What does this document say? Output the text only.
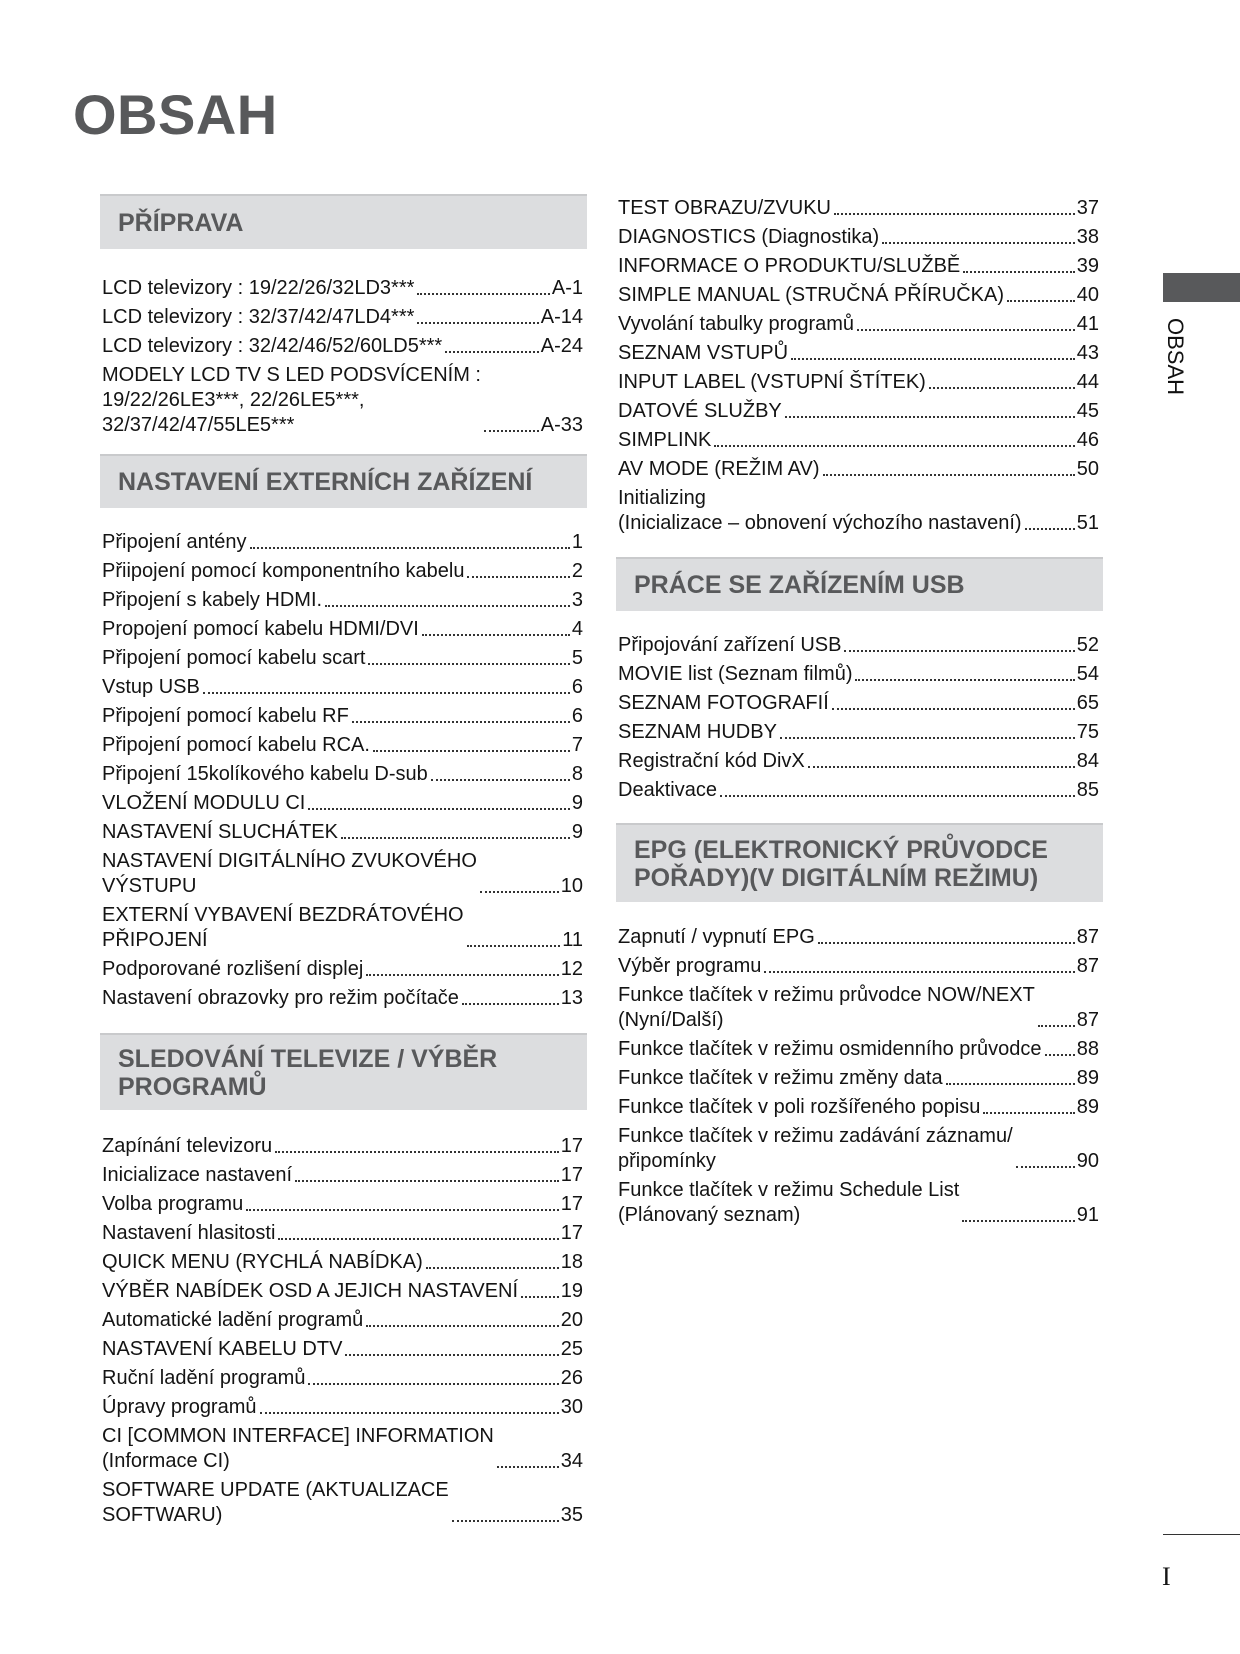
OBSAH
OBSAH
I
PŘÍPRAVA
LCD televizory : 19/22/26/32LD3***	A-1
LCD televizory : 32/37/42/47LD4***	A-14
LCD televizory : 32/42/46/52/60LD5***	A-24
MODELY LCD TV S LED PODSVÍCENÍM :
19/22/26LE3***, 22/26LE5***,
32/37/42/47/55LE5***	A-33
NASTAVENÍ EXTERNÍCH ZAŘÍZENÍ
Připojení antény	1
Přiipojení pomocí komponentního kabelu	2
Připojení s kabely HDMI.	3
Propojení pomocí kabelu HDMI/DVI	4
Připojení pomocí kabelu scart	5
Vstup USB	6
Připojení pomocí kabelu RF	6
Připojení pomocí kabelu RCA.	7
Připojení 15kolíkového kabelu D-sub	8
VLOŽENÍ MODULU CI	9
NASTAVENÍ SLUCHÁTEK	9
NASTAVENÍ DIGITÁLNÍHO ZVUKOVÉHO
VÝSTUPU	10
EXTERNÍ VYBAVENÍ BEZDRÁTOVÉHO
PŘIPOJENÍ	11
Podporované rozlišení displej	12
Nastavení obrazovky pro režim počítače	13
SLEDOVÁNÍ TELEVIZE / VÝBĚR
PROGRAMŮ
Zapínání televizoru	17
Inicializace nastavení	17
Volba programu	17
Nastavení hlasitosti	17
QUICK MENU (RYCHLÁ NABÍDKA)	18
VÝBĚR NABÍDEK OSD A JEJICH NASTAVENÍ 19
Automatické ladění programů	20
NASTAVENÍ KABELU DTV	25
Ruční ladění programů	26
Úpravy programů	30
CI [COMMON INTERFACE] INFORMATION
(Informace CI)	34
SOFTWARE UPDATE (AKTUALIZACE
SOFTWARU)	35
TEST OBRAZU/ZVUKU	37
DIAGNOSTICS (Diagnostika)	38
INFORMACE O PRODUKTU/SLUŽBĚ	39
SIMPLE MANUAL (STRUČNÁ PŘÍRUČKA)	40
Vyvolání tabulky programů	41
SEZNAM VSTUPŮ	43
INPUT LABEL (VSTUPNÍ ŠTÍTEK)	44
DATOVÉ SLUŽBY	45
SIMPLINK	46
AV MODE (REŽIM AV)	50
Initializing
(Inicializace – obnovení výchozího nastavení)	51
PRÁCE SE ZAŘÍZENÍM USB
Připojování zařízení USB	52
MOVIE list (Seznam filmů)	54
SEZNAM FOTOGRAFIÍ	65
SEZNAM HUDBY	75
Registrační kód DivX	84
Deaktivace	85
EPG (ELEKTRONICKÝ PRŮVODCE
POŘADY)(V DIGITÁLNÍM REŽIMU)
Zapnutí / vypnutí EPG	87
Výběr programu	87
Funkce tlačítek v režimu průvodce NOW/NEXT
(Nyní/Další)	87
Funkce tlačítek v režimu osmidenního průvodce 88
Funkce tlačítek v režimu změny data	89
Funkce tlačítek v poli rozšířeného popisu	89
Funkce tlačítek v režimu zadávání záznamu/
připomínky	90
Funkce tlačítek v režimu Schedule List
(Plánovaný seznam)	91
